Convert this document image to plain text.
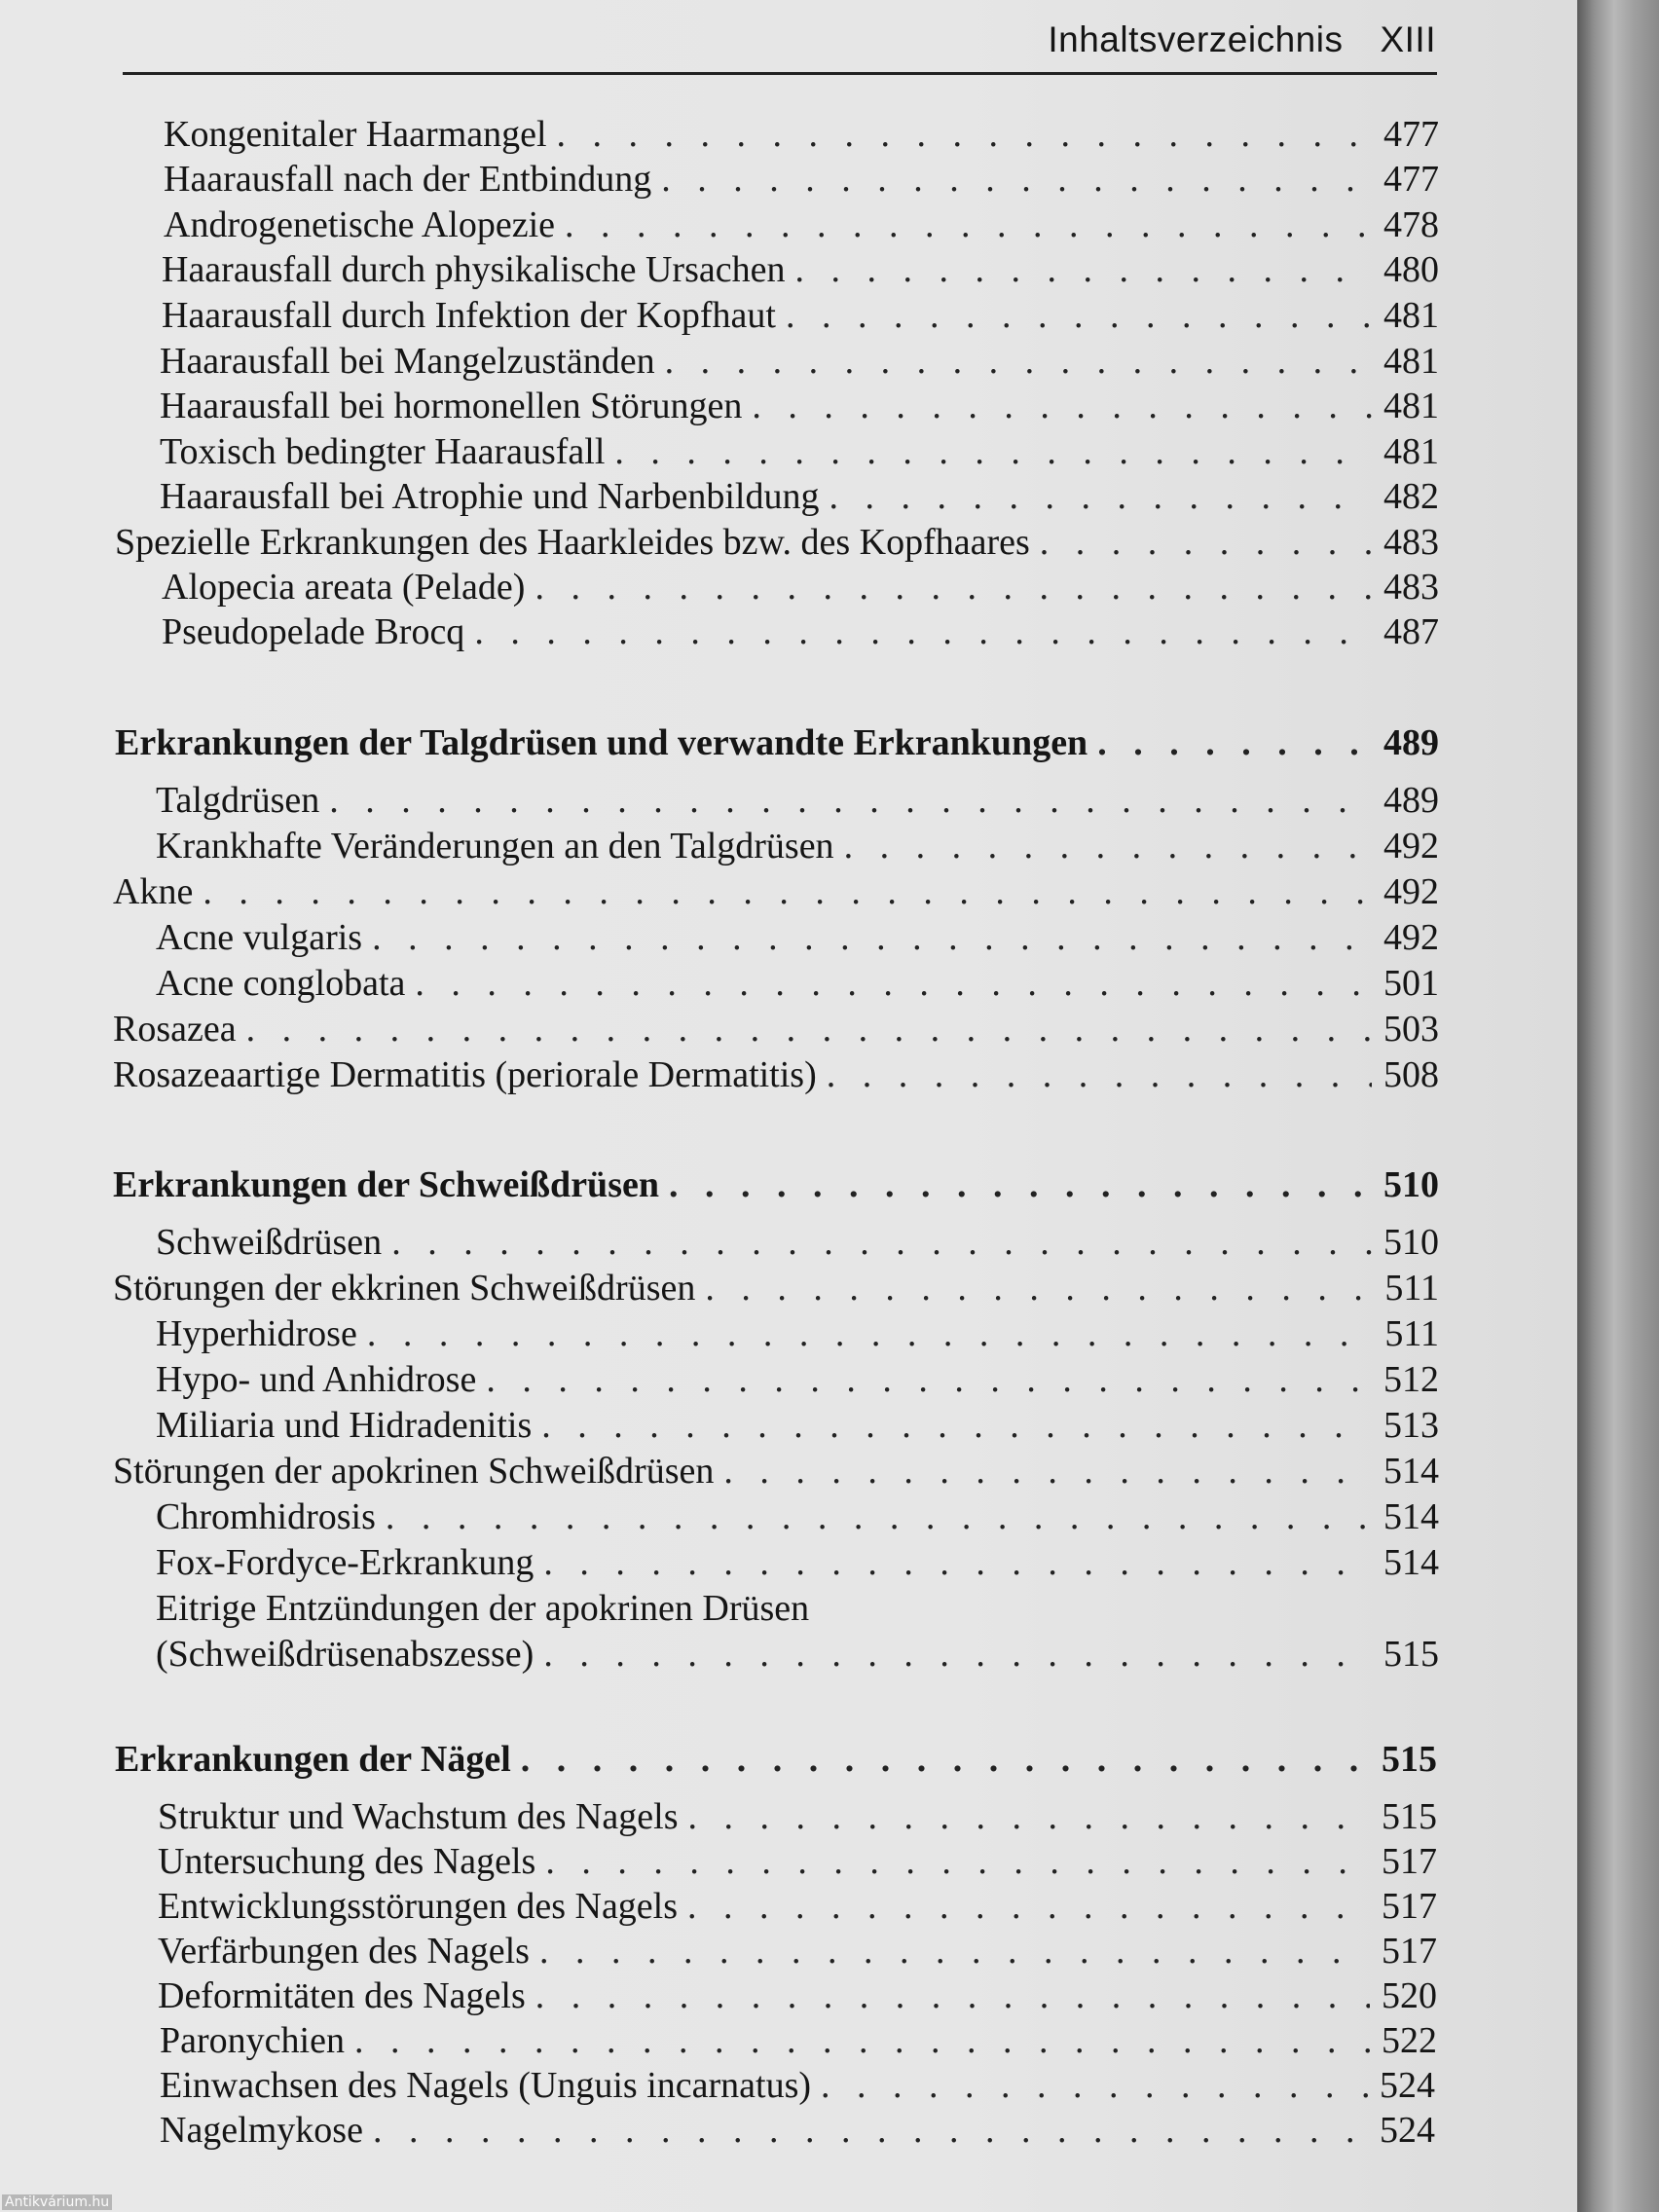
Inhaltsverzeichnis XIII
Kongenitaler Haarmangel . . .	477
Haarausfall nach der Entbindung . . .	477
Androgenetische Alopezie . . .	478
Haarausfall durch physikalische Ursachen . . .	480
Haarausfall durch Infektion der Kopfhaut . . .	481
Haarausfall bei Mangelzuständen . . .	481
Haarausfall bei hormonellen Störungen . . .	481
Toxisch bedingter Haarausfall . . .	481
Haarausfall bei Atrophie und Narbenbildung . . .	482
Spezielle Erkrankungen des Haarkleides bzw. des Kopfhaares . . .	483
Alopecia areata (Pelade) . . .	483
Pseudopelade Brocq . . .	487
Erkrankungen der Talgdrüsen und verwandte Erkrankungen . . .	489
Talgdrüsen . . .	489
Krankhafte Veränderungen an den Talgdrüsen . . .	492
Akne . . .	492
Acne vulgaris . . .	492
Acne conglobata . . .	501
Rosazea . . .	503
Rosazeaartige Dermatitis (periorale Dermatitis) . . .	508
Erkrankungen der Schweißdrüsen . . .	510
Schweißdrüsen . . .	510
Störungen der ekkrinen Schweißdrüsen . . .	511
Hyperhidrose . . .	511
Hypo- und Anhidrose . . .	512
Miliaria und Hidradenitis . . .	513
Störungen der apokrinen Schweißdrüsen . . .	514
Chromhidrosis . . .	514
Fox-Fordyce-Erkrankung . . .	514
Eitrige Entzündungen der apokrinen Drüsen
(Schweißdrüsenabszesse) . . .	515
Erkrankungen der Nägel . . .	515
Struktur und Wachstum des Nagels . . .	515
Untersuchung des Nagels . . .	517
Entwicklungsstörungen des Nagels . . .	517
Verfärbungen des Nagels . . .	517
Deformitäten des Nagels . . .	520
Paronychien . . .	522
Einwachsen des Nagels (Unguis incarnatus) . . .	524
Nagelmykose . . .	524
Antikvárium.hu
